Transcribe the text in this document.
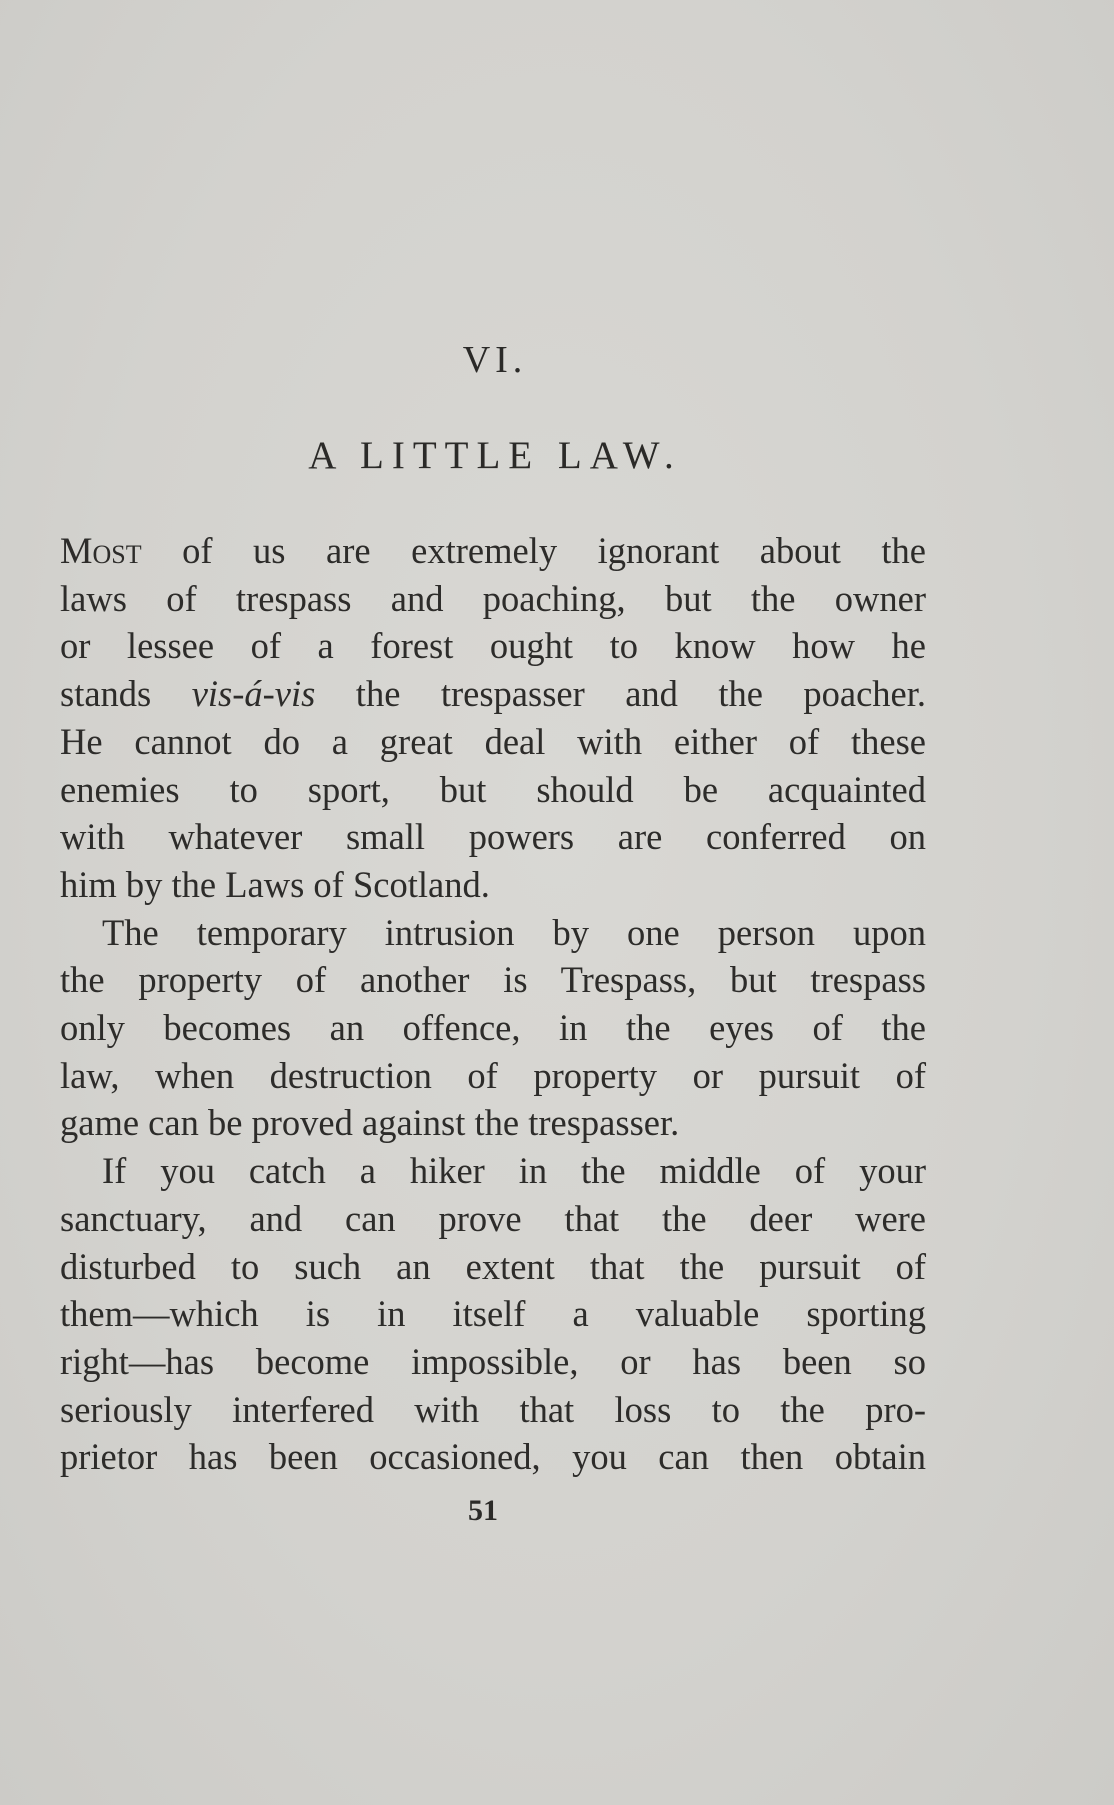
VI.
A LITTLE LAW.

Most of us are extremely ignorant about the
laws of trespass and poaching, but the owner
or lessee of a forest ought to know how he
stands vis-á-vis the trespasser and the poacher.
He cannot do a great deal with either of these
enemies to sport, but should be acquainted
with whatever small powers are conferred on
him by the Laws of Scotland.

The temporary intrusion by one person upon
the property of another is Trespass, but trespass
only becomes an offence, in the eyes of the
law, when destruction of property or pursuit of
game can be proved against the trespasser.

If you catch a hiker in the middle of your
sanctuary, and can prove that the deer were
disturbed to such an extent that the pursuit of
them—which is in itself a valuable sporting
right—has become impossible, or has been so
seriously interfered with that loss to the pro-
prietor has been occasioned, you can then obtain

51
